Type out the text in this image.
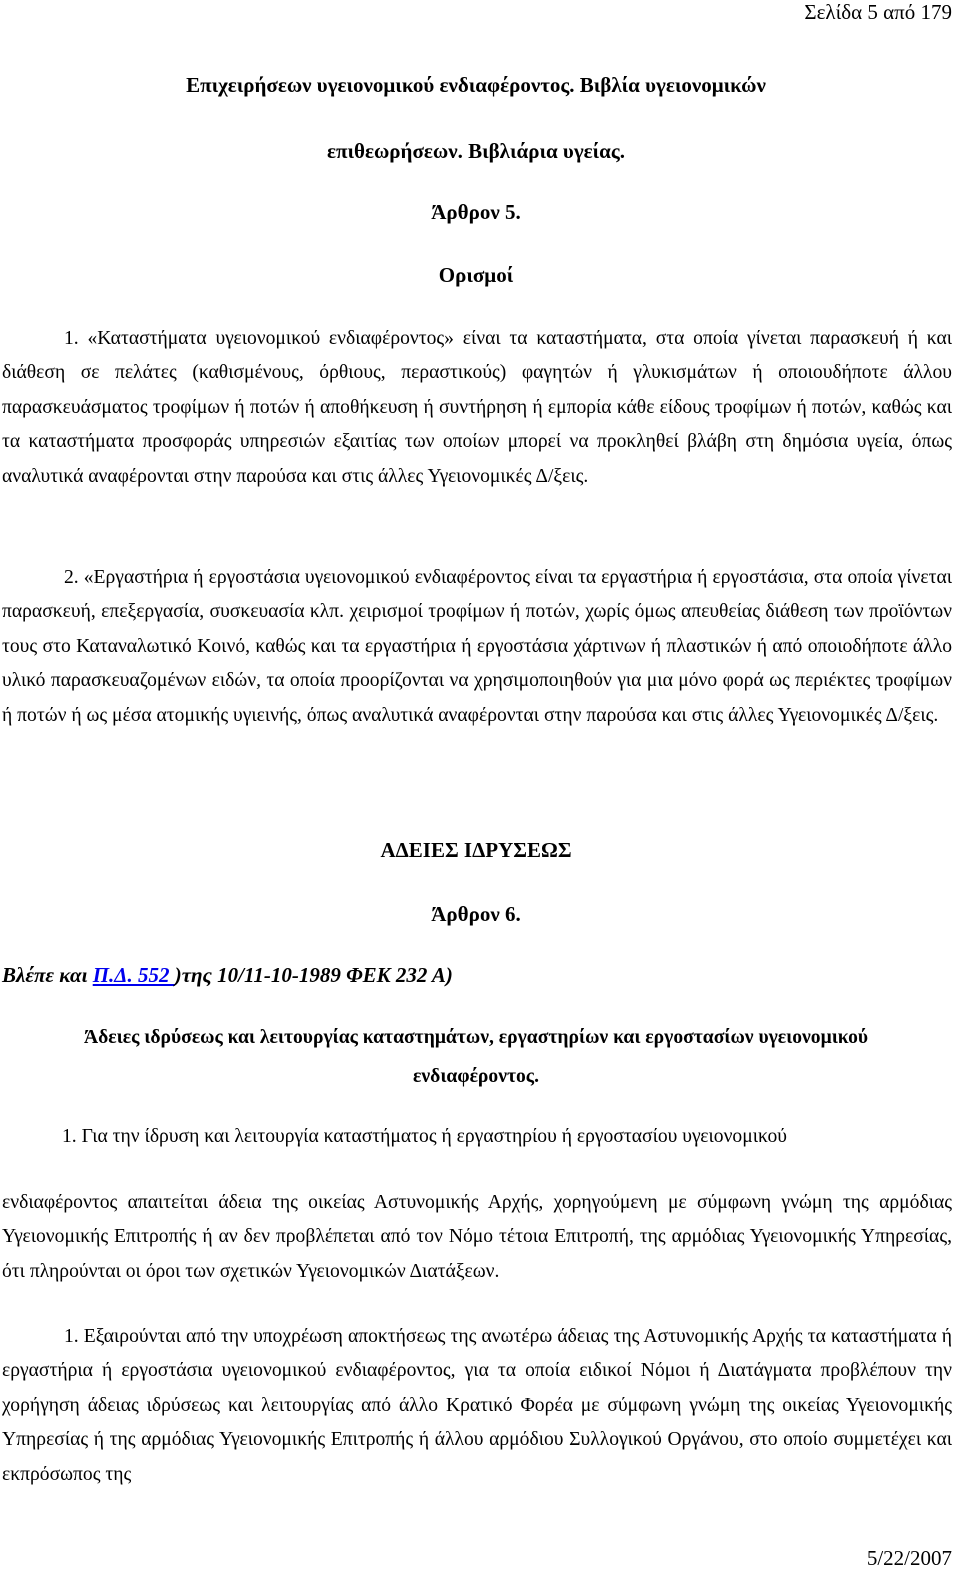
Σελίδα 5 από 179
Επιχειρήσεων υγειονομικού ενδιαφέροντος. Βιβλία υγειονομικών
επιθεωρήσεων. Βιβλιάρια υγείας.
Άρθρον 5.
Ορισμοί
1. «Καταστήματα υγειονομικού ενδιαφέροντος» είναι τα καταστήματα, στα οποία γίνεται παρασκευή ή και διάθεση σε πελάτες (καθισμένους, όρθιους, περαστικούς) φαγητών ή γλυκισμάτων ή οποιουδήποτε άλλου παρασκευάσματος τροφίμων ή ποτών ή αποθήκευση ή συντήρηση ή εμπορία κάθε είδους τροφίμων ή ποτών, καθώς και τα καταστήματα προσφοράς υπηρεσιών εξαιτίας των οποίων μπορεί να προκληθεί βλάβη στη δημόσια υγεία, όπως αναλυτικά αναφέρονται στην παρούσα και στις άλλες Υγειονομικές Δ/ξεις.
2. «Εργαστήρια ή εργοστάσια υγειονομικού ενδιαφέροντος είναι τα εργαστήρια ή εργοστάσια, στα οποία γίνεται παρασκευή, επεξεργασία, συσκευασία κλπ. χειρισμοί τροφίμων ή ποτών, χωρίς όμως απευθείας διάθεση των προϊόντων τους στο Καταναλωτικό Κοινό, καθώς και τα εργαστήρια ή εργοστάσια χάρτινων ή πλαστικών ή από οποιοδήποτε άλλο υλικό παρασκευαζομένων ειδών, τα οποία προορίζονται να χρησιμοποιηθούν για μια μόνο φορά ως περιέκτες τροφίμων ή ποτών ή ως μέσα ατομικής υγιεινής, όπως αναλυτικά αναφέρονται στην παρούσα και στις άλλες Υγειονομικές Δ/ξεις.
ΑΔΕΙΕΣ ΙΔΡΥΣΕΩΣ
Άρθρον 6.
Βλέπε και Π.Δ. 552 )της 10/11-10-1989 ΦΕΚ 232 Α)
Άδειες ιδρύσεως και λειτουργίας καταστημάτων, εργαστηρίων και εργοστασίων υγειονομικού
ενδιαφέροντος.
1. Για την ίδρυση και λειτουργία καταστήματος ή εργαστηρίου ή εργοστασίου υγειονομικού
ενδιαφέροντος απαιτείται άδεια της οικείας Αστυνομικής Αρχής, χορηγούμενη με σύμφωνη γνώμη της αρμόδιας Υγειονομικής Επιτροπής ή αν δεν προβλέπεται από τον Νόμο τέτοια Επιτροπή, της αρμόδιας Υγειονομικής Υπηρεσίας, ότι πληρούνται οι όροι των σχετικών Υγειονομικών Διατάξεων.
1. Εξαιρούνται από την υποχρέωση αποκτήσεως της ανωτέρω άδειας της Αστυνομικής Αρχής τα καταστήματα ή εργαστήρια ή εργοστάσια υγειονομικού ενδιαφέροντος, για τα οποία ειδικοί Νόμοι ή Διατάγματα προβλέπουν την χορήγηση άδειας ιδρύσεως και λειτουργίας από άλλο Κρατικό Φορέα με σύμφωνη γνώμη της οικείας Υγειονομικής Υπηρεσίας ή της αρμόδιας Υγειονομικής Επιτροπής ή άλλου αρμόδιου Συλλογικού Οργάνου, στο οποίο συμμετέχει και εκπρόσωπος της
5/22/2007
